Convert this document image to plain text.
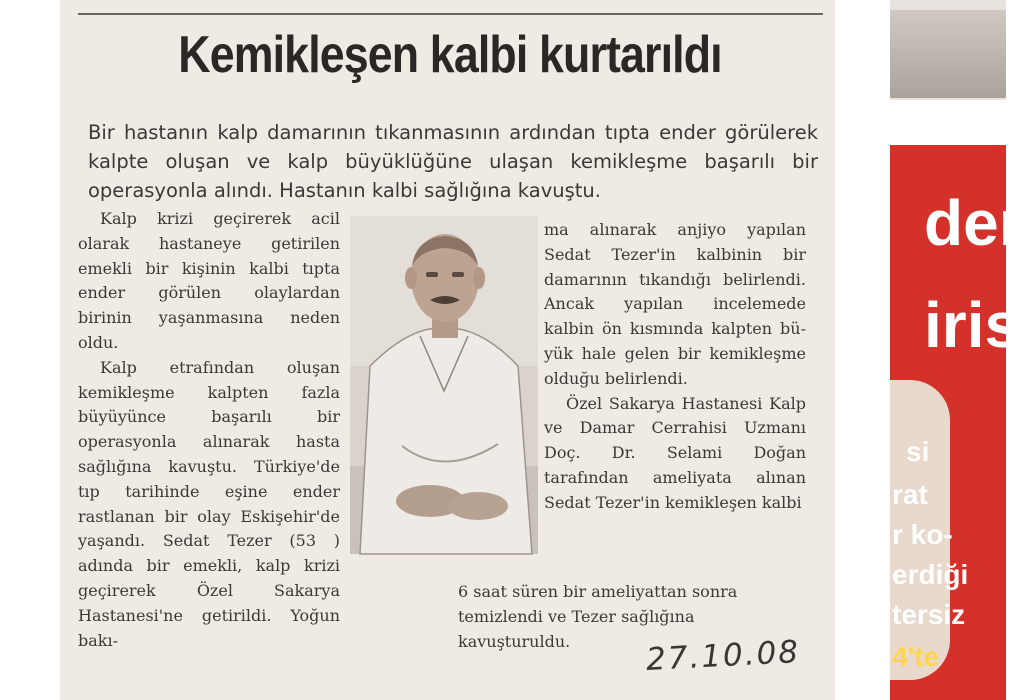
Kemikleşen kalbi kurtarıldı

Bir hastanın kalp damarının tıkanmasının ardından tıpta ender görülerek kalpte oluşan ve kalp büyüklüğüne ulaşan kemikleşme başarılı bir operasyonla alındı. Hastanın kalbi sağlığına kavuştu.

Kalp krizi geçirerek acil olarak hastaneye getirilen emekli bir kişinin kalbi tıpta ender görülen olaylardan birinin yaşanmasına neden oldu.

Kalp etrafından oluşan kemikleşme kalpten fazla büyüyünce başarılı bir operasyonla alınarak hasta sağlığına kavuştu. Türkiye'de tıp tarihinde eşine ender rastlanan bir olay Eskişehir'de yaşandı. Sedat Tezer (53 ) adında bir emekli, kalp krizi geçirerek Özel Sakarya Hastanesi'ne getirildi. Yoğun bakı-

ma alınarak anjiyo yapılan Sedat Tezer'in kalbinin bir damarının tıkandığı belirlendi. Ancak yapılan incelemede kalbin ön kısmında kalpten büyük hale gelen bir kemikleşme olduğu belirlendi.

Özel Sakarya Hastanesi Kalp ve Damar Cerrahisi Uzmanı Doç. Dr. Selami Doğan tarafından ameliyata alınan Sedat Tezer'in kemikleşen kalbi

6 saat süren bir ameliyattan sonra temizlendi ve Tezer sağlığına kavuşturuldu.	27.10.08

der

iris

si

rat

r ko-

erdiği

tersiz

4'te
